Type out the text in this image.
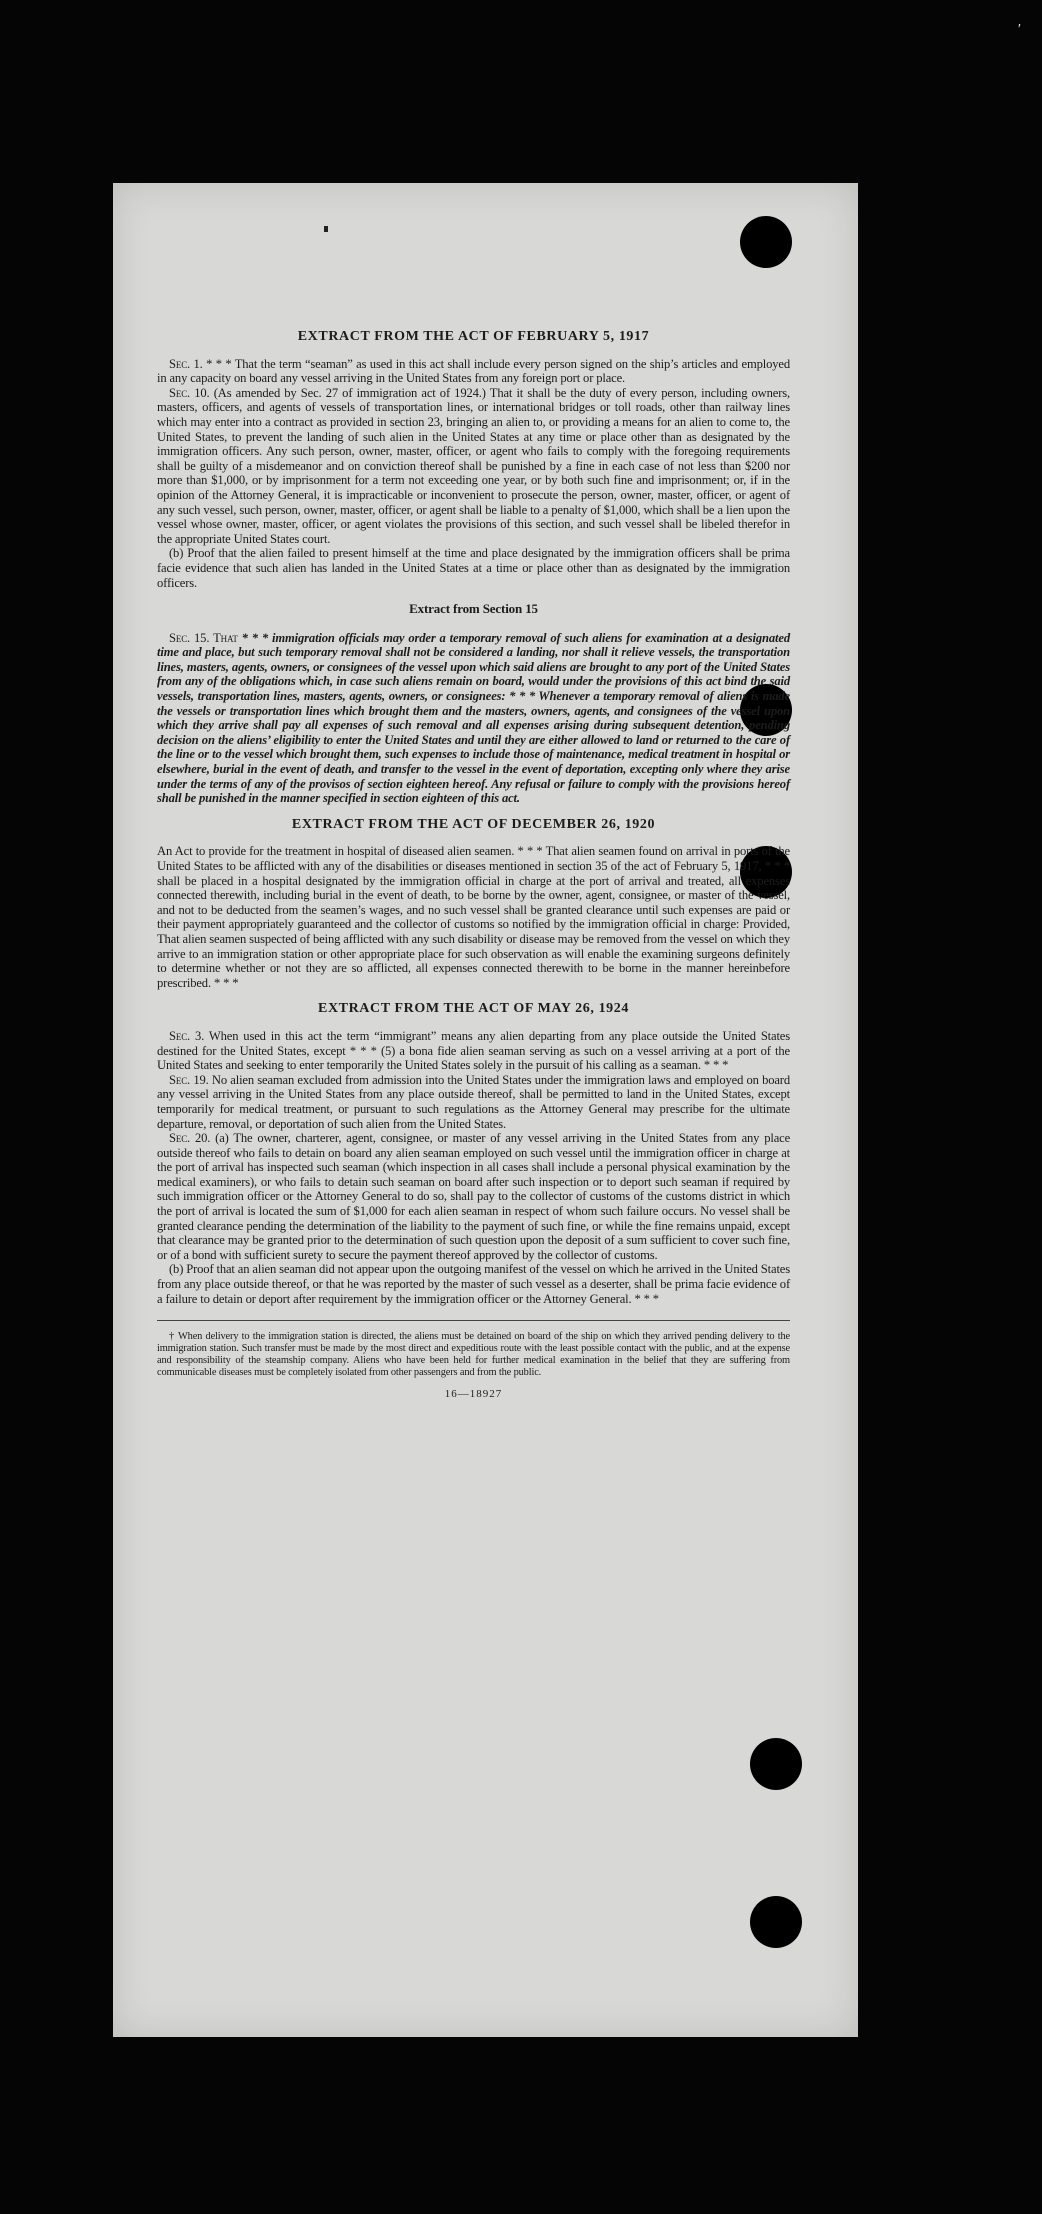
′
EXTRACT FROM THE ACT OF FEBRUARY 5, 1917

Sec. 1. * * * That the term “seaman” as used in this act shall include every person signed on the ship’s articles and employed in any capacity on board any vessel arriving in the United States from any foreign port or place.

Sec. 10. (As amended by Sec. 27 of immigration act of 1924.) That it shall be the duty of every person, including owners, masters, officers, and agents of vessels of transportation lines, or international bridges or toll roads, other than railway lines which may enter into a contract as provided in section 23, bringing an alien to, or providing a means for an alien to come to, the United States, to prevent the landing of such alien in the United States at any time or place other than as designated by the immigration officers. Any such person, owner, master, officer, or agent who fails to comply with the foregoing requirements shall be guilty of a misdemeanor and on conviction thereof shall be punished by a fine in each case of not less than $200 nor more than $1,000, or by imprisonment for a term not exceeding one year, or by both such fine and imprisonment; or, if in the opinion of the Attorney General, it is impracticable or inconvenient to prosecute the person, owner, master, officer, or agent of any such vessel, such person, owner, master, officer, or agent shall be liable to a penalty of $1,000, which shall be a lien upon the vessel whose owner, master, officer, or agent violates the provisions of this section, and such vessel shall be libeled therefor in the appropriate United States court.

(b) Proof that the alien failed to present himself at the time and place designated by the immigration officers shall be prima facie evidence that such alien has landed in the United States at a time or place other than as designated by the immigration officers.

Extract from Section 15

Sec. 15. That * * * immigration officials may order a temporary removal of such aliens for examination at a designated time and place, but such temporary removal shall not be considered a landing, nor shall it relieve vessels, the transportation lines, masters, agents, owners, or consignees of the vessel upon which said aliens are brought to any port of the United States from any of the obligations which, in case such aliens remain on board, would under the provisions of this act bind the said vessels, transportation lines, masters, agents, owners, or consignees: * * * Whenever a temporary removal of aliens is made the vessels or transportation lines which brought them and the masters, owners, agents, and consignees of the vessel upon which they arrive shall pay all expenses of such removal and all expenses arising during subsequent detention, pending decision on the aliens’ eligibility to enter the United States and until they are either allowed to land or returned to the care of the line or to the vessel which brought them, such expenses to include those of maintenance, medical treatment in hospital or elsewhere, burial in the event of death, and transfer to the vessel in the event of deportation, excepting only where they arise under the terms of any of the provisos of section eighteen hereof. Any refusal or failure to comply with the provisions hereof shall be punished in the manner specified in section eighteen of this act.

EXTRACT FROM THE ACT OF DECEMBER 26, 1920

An Act to provide for the treatment in hospital of diseased alien seamen. * * * That alien seamen found on arrival in ports of the United States to be afflicted with any of the disabilities or diseases mentioned in section 35 of the act of February 5, 1917, * * * shall be placed in a hospital designated by the immigration official in charge at the port of arrival and treated, all expenses connected therewith, including burial in the event of death, to be borne by the owner, agent, consignee, or master of the vessel, and not to be deducted from the seamen’s wages, and no such vessel shall be granted clearance until such expenses are paid or their payment appropriately guaranteed and the collector of customs so notified by the immigration official in charge: Provided, That alien seamen suspected of being afflicted with any such disability or disease may be removed from the vessel on which they arrive to an immigration station or other appropriate place for such observation as will enable the examining surgeons definitely to determine whether or not they are so afflicted, all expenses connected therewith to be borne in the manner hereinbefore prescribed. * * *

EXTRACT FROM THE ACT OF MAY 26, 1924

Sec. 3. When used in this act the term “immigrant” means any alien departing from any place outside the United States destined for the United States, except * * * (5) a bona fide alien seaman serving as such on a vessel arriving at a port of the United States and seeking to enter temporarily the United States solely in the pursuit of his calling as a seaman. * * *

Sec. 19. No alien seaman excluded from admission into the United States under the immigration laws and employed on board any vessel arriving in the United States from any place outside thereof, shall be permitted to land in the United States, except temporarily for medical treatment, or pursuant to such regulations as the Attorney General may prescribe for the ultimate departure, removal, or deportation of such alien from the United States.

Sec. 20. (a) The owner, charterer, agent, consignee, or master of any vessel arriving in the United States from any place outside thereof who fails to detain on board any alien seaman employed on such vessel until the immigration officer in charge at the port of arrival has inspected such seaman (which inspection in all cases shall include a personal physical examination by the medical examiners), or who fails to detain such seaman on board after such inspection or to deport such seaman if required by such immigration officer or the Attorney General to do so, shall pay to the collector of customs of the customs district in which the port of arrival is located the sum of $1,000 for each alien seaman in respect of whom such failure occurs. No vessel shall be granted clearance pending the determination of the liability to the payment of such fine, or while the fine remains unpaid, except that clearance may be granted prior to the determination of such question upon the deposit of a sum sufficient to cover such fine, or of a bond with sufficient surety to secure the payment thereof approved by the collector of customs.

(b) Proof that an alien seaman did not appear upon the outgoing manifest of the vessel on which he arrived in the United States from any place outside thereof, or that he was reported by the master of such vessel as a deserter, shall be prima facie evidence of a failure to detain or deport after requirement by the immigration officer or the Attorney General. * * *

† When delivery to the immigration station is directed, the aliens must be detained on board of the ship on which they arrived pending delivery to the immigration station. Such transfer must be made by the most direct and expeditious route with the least possible contact with the public, and at the expense and responsibility of the steamship company. Aliens who have been held for further medical examination in the belief that they are suffering from communicable diseases must be completely isolated from other passengers and from the public.

16—18927
